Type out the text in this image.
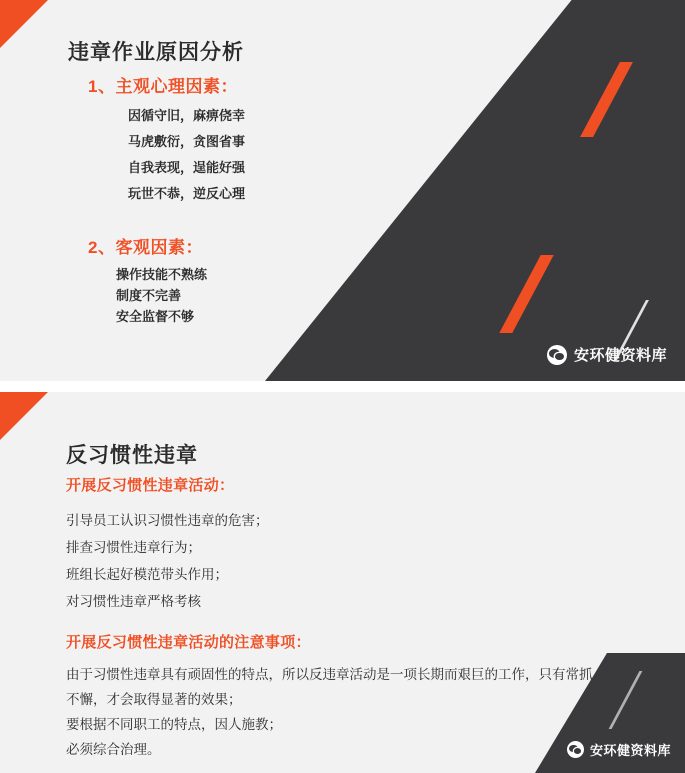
违章作业原因分析

1、主观心理因素：

因循守旧，麻痹侥幸
马虎敷衍，贪图省事
自我表现，逞能好强
玩世不恭，逆反心理

2、客观因素：

操作技能不熟练
制度不完善
安全监督不够
安环健资料库
反习惯性违章

开展反习惯性违章活动：

引导员工认识习惯性违章的危害；

排查习惯性违章行为；

班组长起好模范带头作用；

对习惯性违章严格考核

开展反习惯性违章活动的注意事项：

由于习惯性违章具有顽固性的特点，所以反违章活动是一项长期而艰巨的工作，只有常抓

不懈，才会取得显著的效果；

要根据不同职工的特点，因人施教；

必须综合治理。	安环健资料库
